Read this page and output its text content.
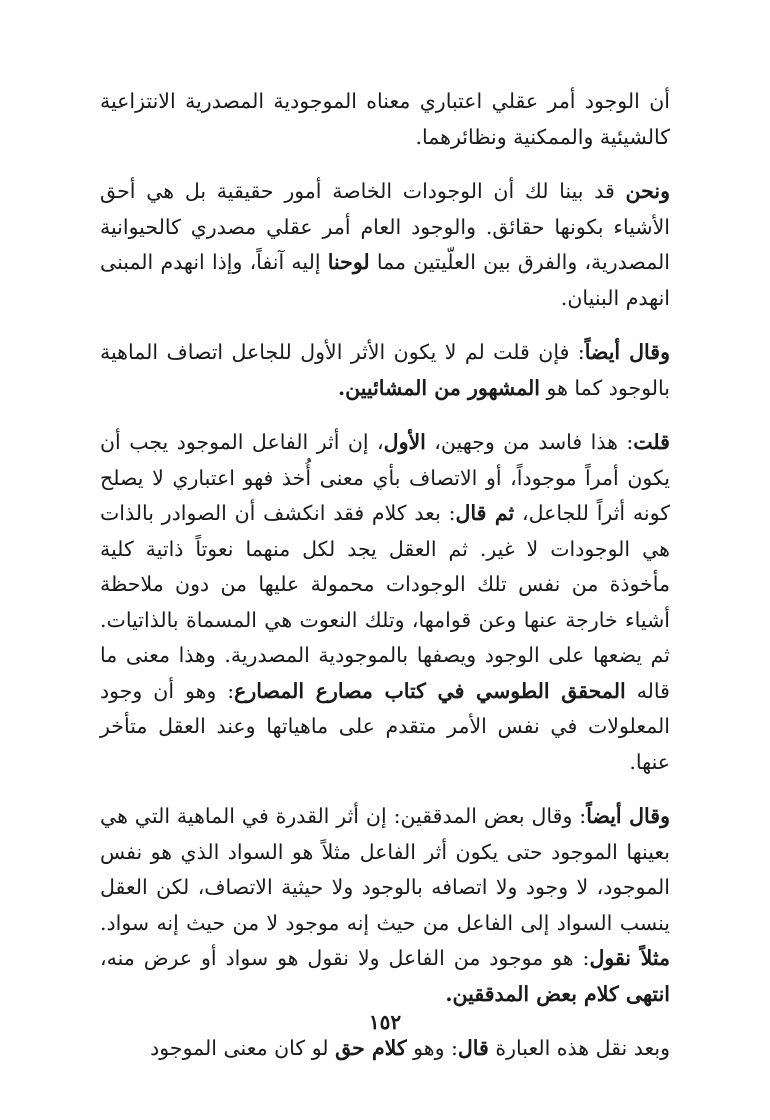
أن الوجود أمر عقلي اعتباري معناه الموجودية المصدرية الانتزاعية كالشيئية والممكنية ونظائرهما.

ونحن قد بينا لك أن الوجودات الخاصة أمور حقيقية بل هي أحق الأشياء بكونها حقائق. والوجود العام أمر عقلي مصدري كالحيوانية المصدرية، والفرق بين العلّيتين مما لوحنا إليه آنفاً، وإذا انهدم المبنى انهدم البنيان.

وقال أيضاً: فإن قلت لم لا يكون الأثر الأول للجاعل اتصاف الماهية بالوجود كما هو المشهور من المشائيين.

قلت: هذا فاسد من وجهين، الأول، إن أثر الفاعل الموجود يجب أن يكون أمراً موجوداً، أو الاتصاف بأي معنى أُخذ فهو اعتباري لا يصلح كونه أثراً للجاعل، ثم قال: بعد كلام فقد انكشف أن الصوادر بالذات هي الوجودات لا غير. ثم العقل يجد لكل منهما نعوتاً ذاتية كلية مأخوذة من نفس تلك الوجودات محمولة عليها من دون ملاحظة أشياء خارجة عنها وعن قوامها، وتلك النعوت هي المسماة بالذاتيات. ثم يضعها على الوجود ويصفها بالموجودية المصدرية. وهذا معنى ما قاله المحقق الطوسي في كتاب مصارع المصارع: وهو أن وجود المعلولات في نفس الأمر متقدم على ماهياتها وعند العقل متأخر عنها.

وقال أيضاً: وقال بعض المدققين: إن أثر القدرة في الماهية التي هي بعينها الموجود حتى يكون أثر الفاعل مثلاً هو السواد الذي هو نفس الموجود، لا وجود ولا اتصافه بالوجود ولا حيثية الاتصاف، لكن العقل ينسب السواد إلى الفاعل من حيث إنه موجود لا من حيث إنه سواد. مثلاً نقول: هو موجود من الفاعل ولا نقول هو سواد أو عرض منه، انتهى كلام بعض المدققين.

وبعد نقل هذه العبارة قال: وهو كلام حق لو كان معنى الموجود

١٥٢
